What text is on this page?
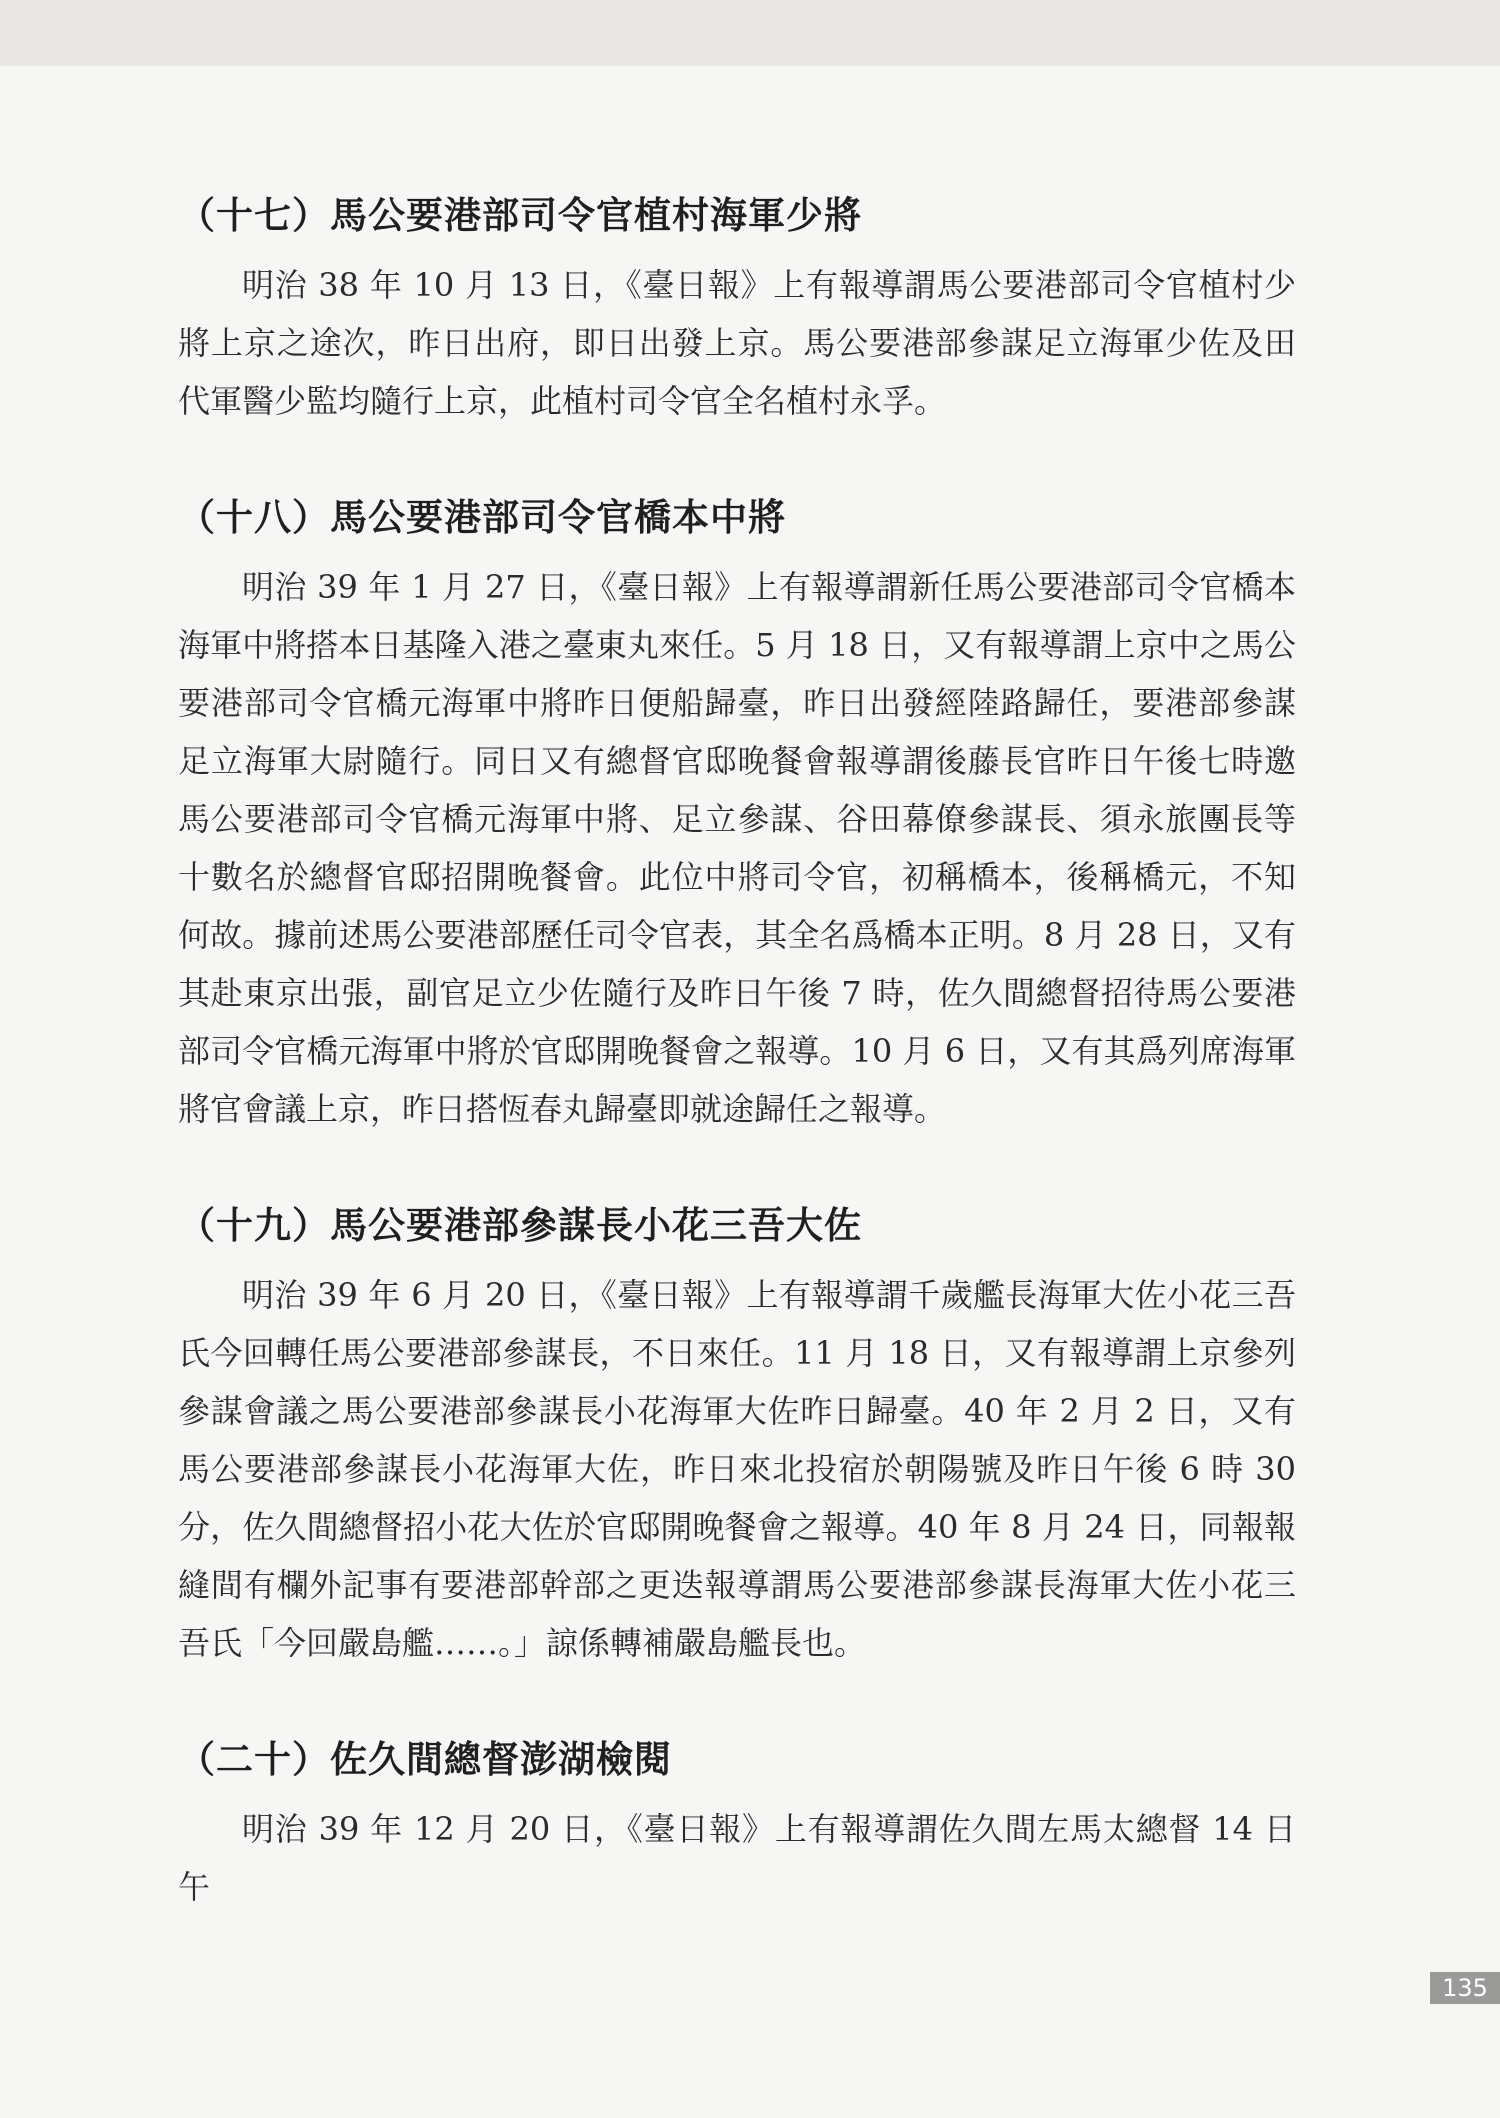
（十七）馬公要港部司令官植村海軍少將

明治 38 年 10 月 13 日，《臺日報》上有報導謂馬公要港部司令官植村少將上京之途次，昨日出府，即日出發上京。馬公要港部參謀足立海軍少佐及田代軍醫少監均隨行上京，此植村司令官全名植村永孚。

（十八）馬公要港部司令官橋本中將

明治 39 年 1 月 27 日，《臺日報》上有報導謂新任馬公要港部司令官橋本海軍中將搭本日基隆入港之臺東丸來任。5 月 18 日，又有報導謂上京中之馬公要港部司令官橋元海軍中將昨日便船歸臺，昨日出發經陸路歸任，要港部參謀足立海軍大尉隨行。同日又有總督官邸晚餐會報導謂後藤長官昨日午後七時邀馬公要港部司令官橋元海軍中將、足立參謀、谷田幕僚參謀長、須永旅團長等十數名於總督官邸招開晚餐會。此位中將司令官，初稱橋本，後稱橋元，不知何故。據前述馬公要港部歷任司令官表，其全名爲橋本正明。8 月 28 日，又有其赴東京出張，副官足立少佐隨行及昨日午後 7 時，佐久間總督招待馬公要港部司令官橋元海軍中將於官邸開晚餐會之報導。10 月 6 日，又有其爲列席海軍將官會議上京，昨日搭恆春丸歸臺即就途歸任之報導。

（十九）馬公要港部參謀長小花三吾大佐

明治 39 年 6 月 20 日，《臺日報》上有報導謂千歲艦長海軍大佐小花三吾氏今回轉任馬公要港部參謀長，不日來任。11 月 18 日，又有報導謂上京參列參謀會議之馬公要港部參謀長小花海軍大佐昨日歸臺。40 年 2 月 2 日，又有馬公要港部參謀長小花海軍大佐，昨日來北投宿於朝陽號及昨日午後 6 時 30 分，佐久間總督招小花大佐於官邸開晚餐會之報導。40 年 8 月 24 日，同報報縫間有欄外記事有要港部幹部之更迭報導謂馬公要港部參謀長海軍大佐小花三吾氏「今回嚴島艦……。」諒係轉補嚴島艦長也。

（二十）佐久間總督澎湖檢閱

明治 39 年 12 月 20 日，《臺日報》上有報導謂佐久間左馬太總督 14 日午

135
